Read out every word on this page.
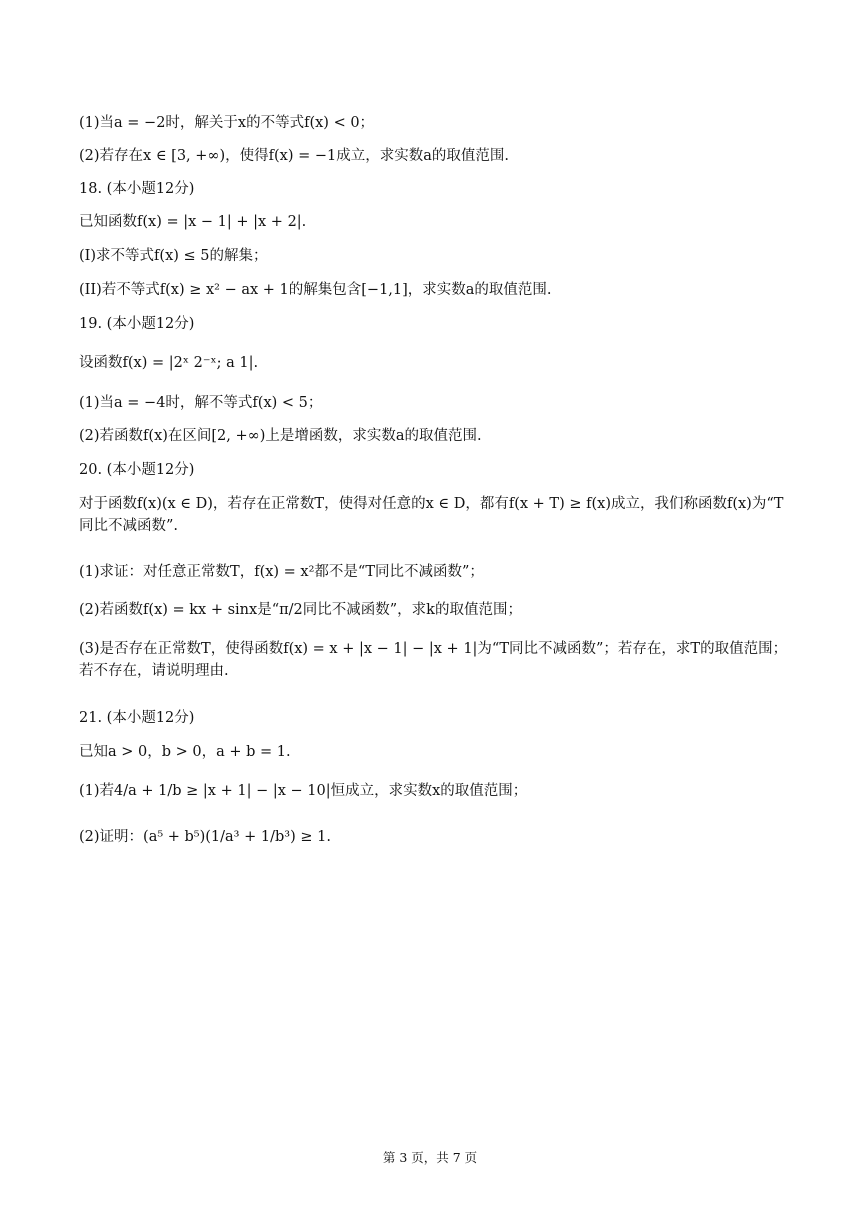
(1)当a = −2时，解关于x的不等式f(x) < 0；
(2)若存在x ∈ [3, +∞)，使得f(x) = −1成立，求实数a的取值范围.
18. (本小题12分)
已知函数f(x) = |x − 1| + |x + 2|.
(I)求不等式f(x) ≤ 5的解集；
(II)若不等式f(x) ≥ x² − ax + 1的解集包含[−1,1]，求实数a的取值范围.
19. (本小题12分)
设函数f(x) = |2ˣ 2⁻ˣ; a 1|.
(1)当a = −4时，解不等式f(x) < 5；
(2)若函数f(x)在区间[2, +∞)上是增函数，求实数a的取值范围.
20. (本小题12分)
对于函数f(x)(x ∈ D)，若存在正常数T，使得对任意的x ∈ D，都有f(x + T) ≥ f(x)成立，我们称函数f(x)为“T同比不减函数”.
(1)求证：对任意正常数T，f(x) = x²都不是“T同比不减函数”；
(2)若函数f(x) = kx + sinx是“π/2同比不减函数”，求k的取值范围；
(3)是否存在正常数T，使得函数f(x) = x + |x − 1| − |x + 1|为“T同比不减函数”；若存在，求T的取值范围；若不存在，请说明理由.
21. (本小题12分)
已知a > 0，b > 0，a + b = 1.
(1)若4/a + 1/b ≥ |x + 1| − |x − 10|恒成立，求实数x的取值范围；
(2)证明：(a⁵ + b⁵)(1/a³ + 1/b³) ≥ 1.
第 3 页，共 7 页
